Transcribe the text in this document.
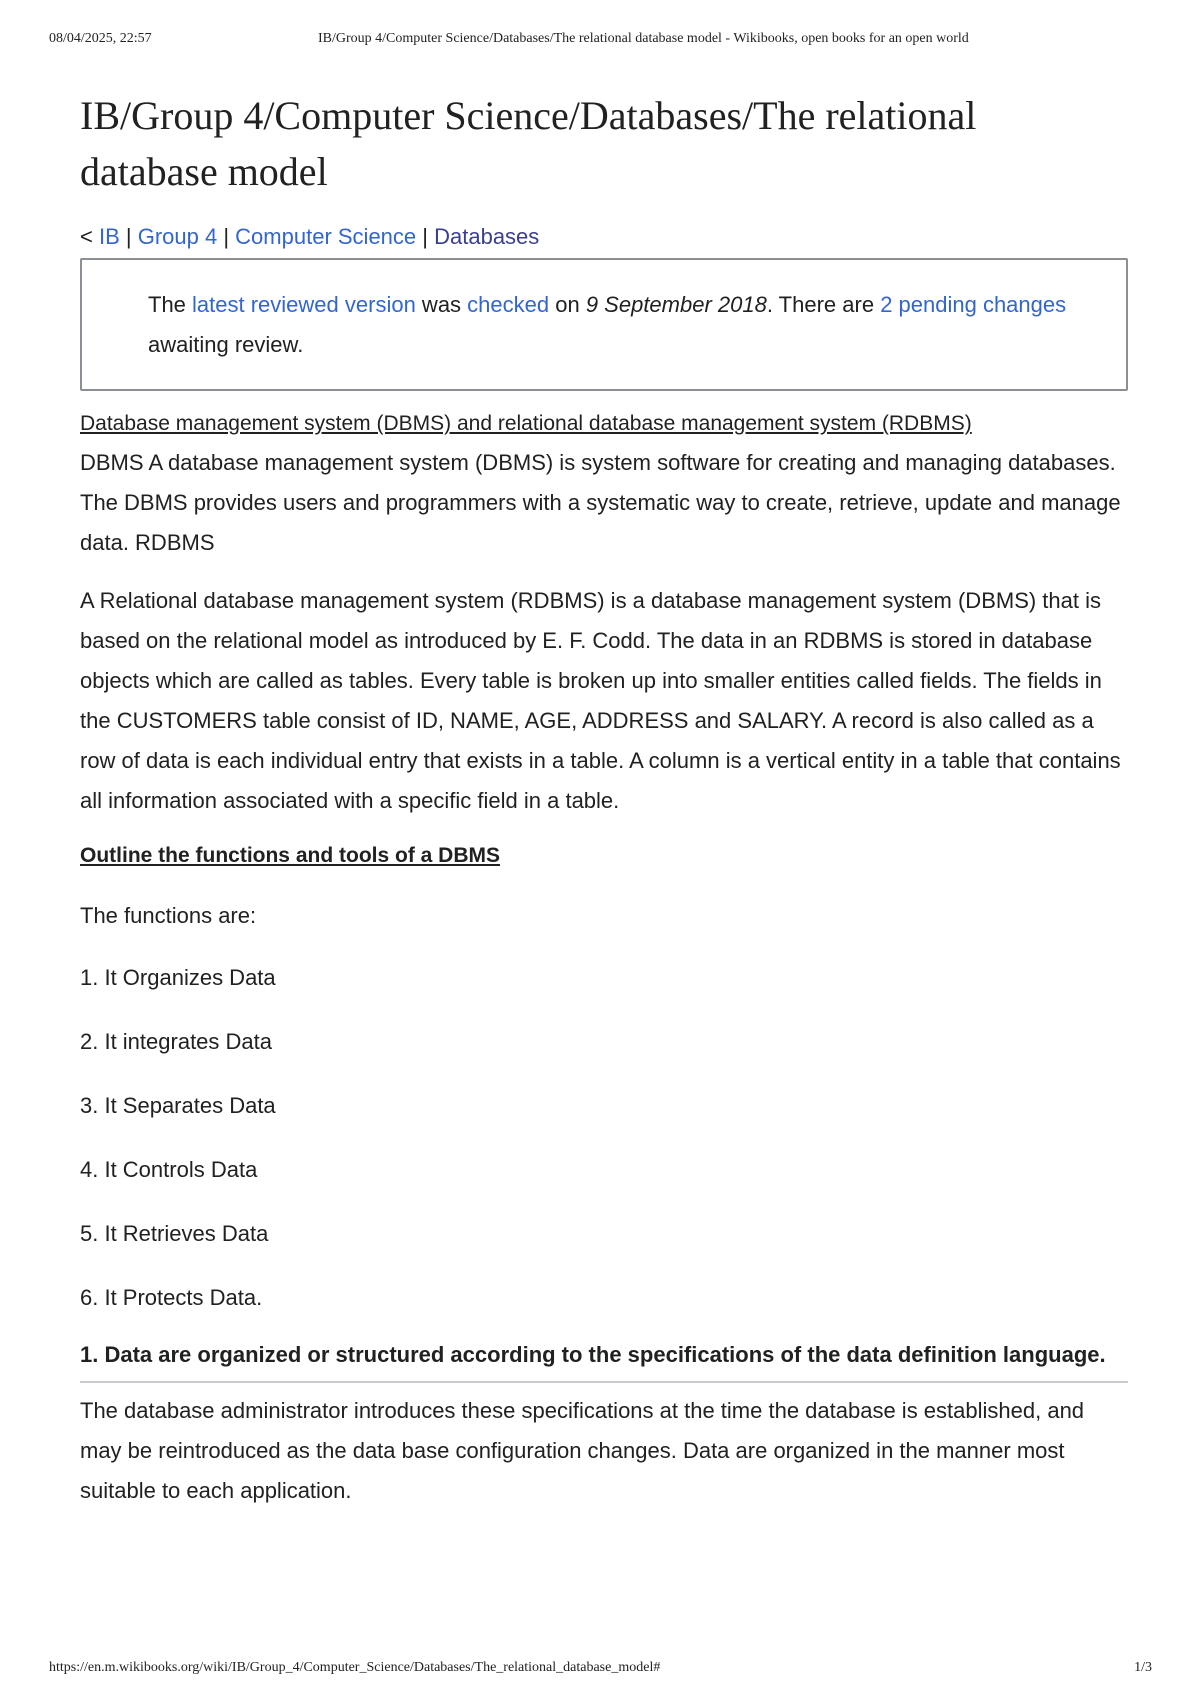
08/04/2025, 22:57	IB/Group 4/Computer Science/Databases/The relational database model - Wikibooks, open books for an open world
IB/Group 4/Computer Science/Databases/The relational
database model
< IB | Group 4 | Computer Science | Databases
The latest reviewed version was checked on 9 September 2018. There are 2 pending changes awaiting review.
Database management system (DBMS) and relational database management system (RDBMS)

DBMS A database management system (DBMS) is system software for creating and managing databases. The DBMS provides users and programmers with a systematic way to create, retrieve, update and manage data. RDBMS

A Relational database management system (RDBMS) is a database management system (DBMS) that is based on the relational model as introduced by E. F. Codd. The data in an RDBMS is stored in database objects which are called as tables. Every table is broken up into smaller entities called fields. The fields in the CUSTOMERS table consist of ID, NAME, AGE, ADDRESS and SALARY. A record is also called as a row of data is each individual entry that exists in a table. A column is a vertical entity in a table that contains all information associated with a specific field in a table.

Outline the functions and tools of a DBMS
The functions are:
1. It Organizes Data
2. It integrates Data
3. It Separates Data
4. It Controls Data
5. It Retrieves Data
6. It Protects Data.
1. Data are organized or structured according to the specifications of the data definition language.

The database administrator introduces these specifications at the time the database is established, and may be reintroduced as the data base configuration changes. Data are organized in the manner most suitable to each application.

https://en.m.wikibooks.org/wiki/IB/Group_4/Computer_Science/Databases/The_relational_database_model#	1/3
